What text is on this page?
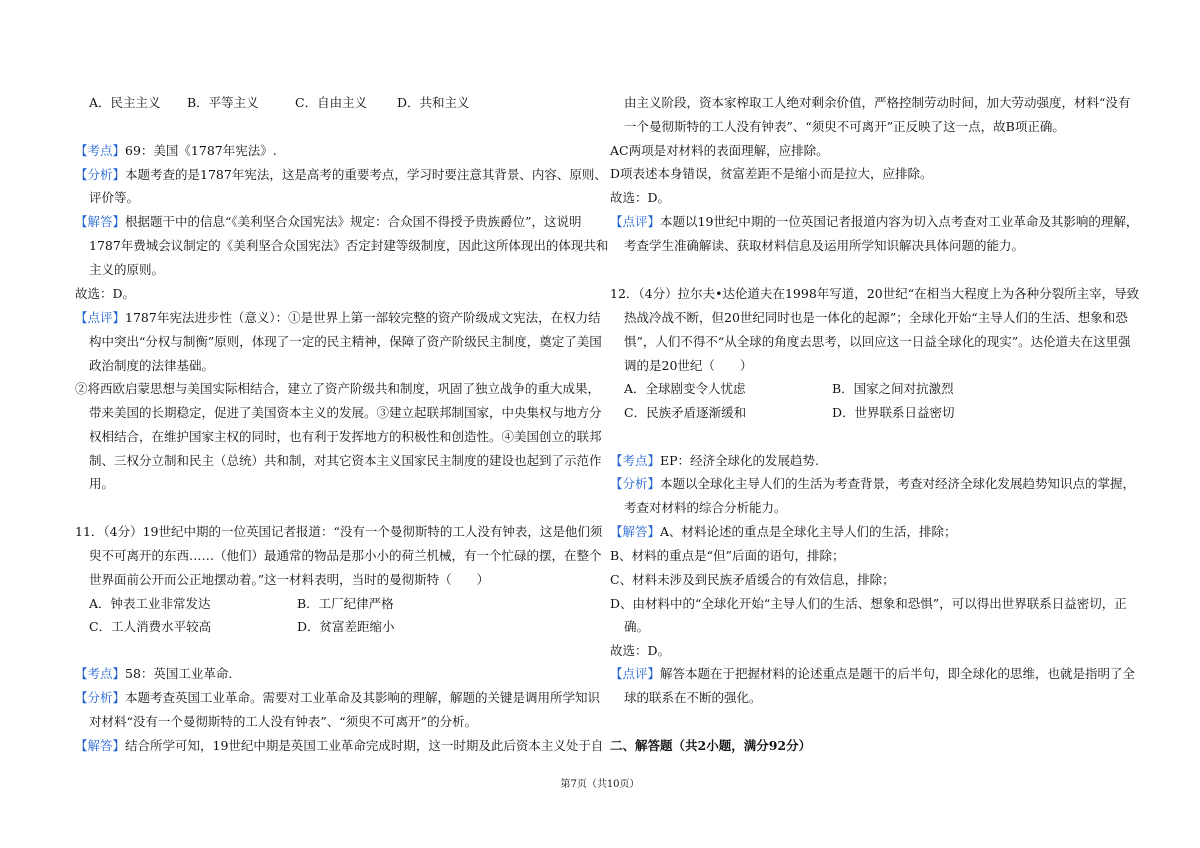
A．民主主义 B．平等主义	C．自由主义 D．共和主义
【考点】69：美国《1787年宪法》.
【分析】本题考查的是1787年宪法，这是高考的重要考点，学习时要注意其背景、内容、原则、
评价等。
【解答】根据题干中的信息“《美利坚合众国宪法》规定：合众国不得授予贵族爵位”，这说明
1787年费城会议制定的《美利坚合众国宪法》否定封建等级制度，因此这所体现出的体现共和
主义的原则。
故选：D。
【点评】1787年宪法进步性（意义）：①是世界上第一部较完整的资产阶级成文宪法，在权力结
构中突出“分权与制衡”原则，体现了一定的民主精神，保障了资产阶级民主制度，奠定了美国
政治制度的法律基础。
②将西欧启蒙思想与美国实际相结合，建立了资产阶级共和制度，巩固了独立战争的重大成果，
带来美国的长期稳定，促进了美国资本主义的发展。③建立起联邦制国家，中央集权与地方分
权相结合，在维护国家主权的同时，也有利于发挥地方的积极性和创造性。④美国创立的联邦
制、三权分立制和民主（总统）共和制，对其它资本主义国家民主制度的建设也起到了示范作
用。
11．（4分）19世纪中期的一位英国记者报道：“没有一个曼彻斯特的工人没有钟表，这是他们须
臾不可离开的东西……（他们）最通常的物品是那小小的荷兰机械，有一个忙碌的摆，在整个
世界面前公开而公正地摆动着。”这一材料表明，当时的曼彻斯特（　　）
A．钟表工业非常发达	B．工厂纪律严格
C．工人消费水平较高	D．贫富差距缩小
【考点】58：英国工业革命.
【分析】本题考查英国工业革命。需要对工业革命及其影响的理解，解题的关键是调用所学知识
对材料“没有一个曼彻斯特的工人没有钟表”、“须臾不可离开”的分析。
【解答】结合所学可知，19世纪中期是英国工业革命完成时期，这一时期及此后资本主义处于自
由主义阶段，资本家榨取工人绝对剩余价值，严格控制劳动时间，加大劳动强度，材料“没有
一个曼彻斯特的工人没有钟表”、“须臾不可离开”正反映了这一点，故B项正确。
AC两项是对材料的表面理解，应排除。
D项表述本身错误，贫富差距不是缩小而是拉大，应排除。
故选：D。
【点评】本题以19世纪中期的一位英国记者报道内容为切入点考查对工业革命及其影响的理解，
考查学生准确解读、获取材料信息及运用所学知识解决具体问题的能力。
12．（4分）拉尔夫•达伦道夫在1998年写道，20世纪“在相当大程度上为各种分裂所主宰，导致
热战冷战不断，但20世纪同时也是一体化的起源”；全球化开始“主导人们的生活、想象和恐
惧”，人们不得不“从全球的角度去思考，以回应这一日益全球化的现实”。达伦道夫在这里强
调的是20世纪（　　）
A．全球剧变令人忧虑	B．国家之间对抗激烈
C．民族矛盾逐渐缓和	D．世界联系日益密切
【考点】EP：经济全球化的发展趋势.
【分析】本题以全球化主导人们的生活为考查背景，考查对经济全球化发展趋势知识点的掌握，
考查对材料的综合分析能力。
【解答】A、材料论述的重点是全球化主导人们的生活，排除；
B、材料的重点是“但”后面的语句，排除；
C、材料未涉及到民族矛盾缓合的有效信息，排除；
D、由材料中的“全球化开始“主导人们的生活、想象和恐惧”，可以得出世界联系日益密切，正
确。
故选：D。
【点评】解答本题在于把握材料的论述重点是题干的后半句，即全球化的思维，也就是指明了全
球的联系在不断的强化。
二、解答题（共2小题，满分92分）
第7页（共10页）
